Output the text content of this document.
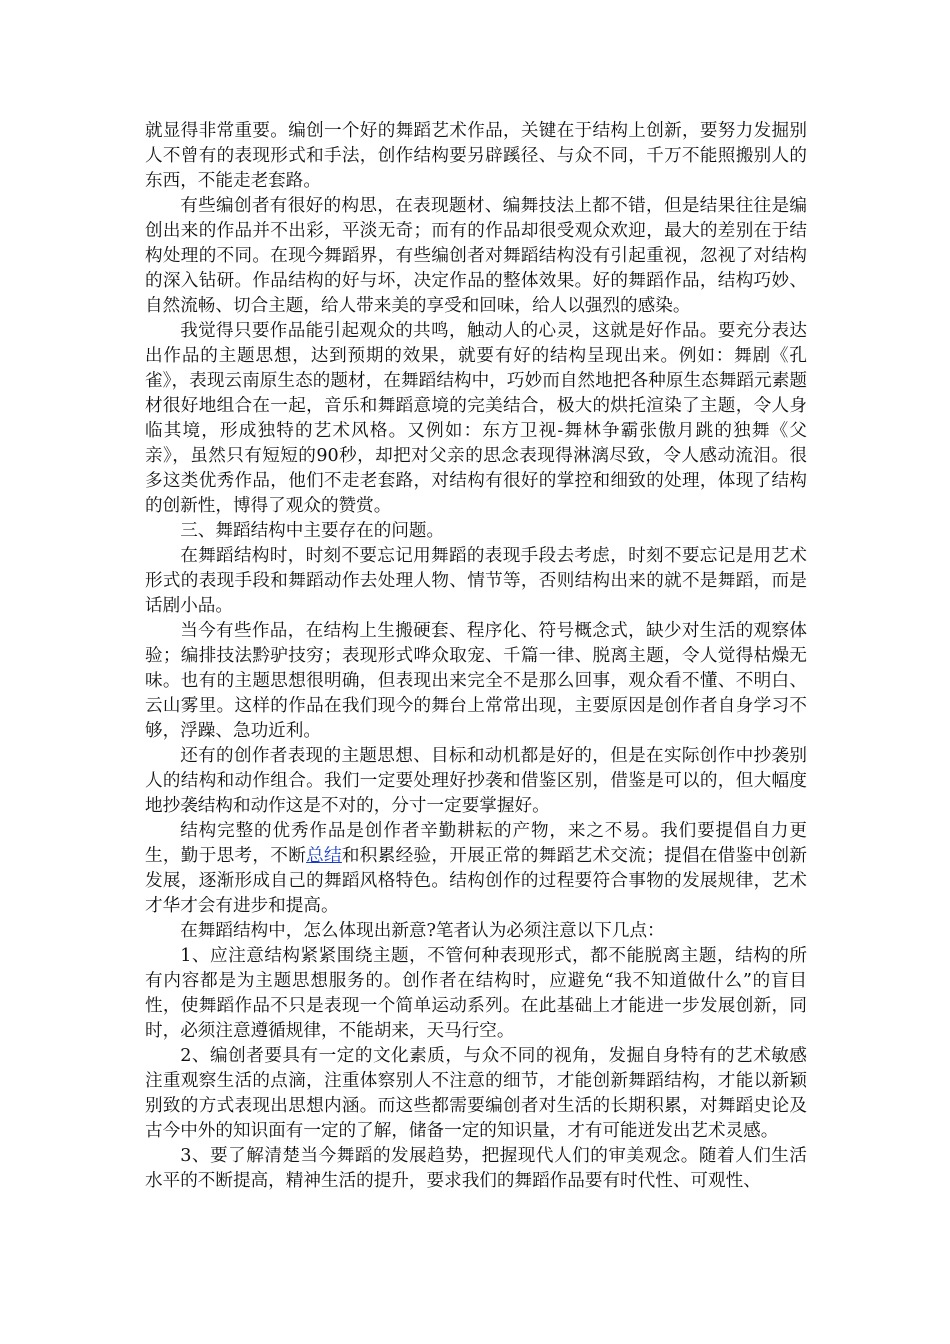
就显得非常重要。编创一个好的舞蹈艺术作品，关键在于结构上创新，要努力发掘别人不曾有的表现形式和手法，创作结构要另辟蹊径、与众不同，千万不能照搬别人的东西，不能走老套路。

有些编创者有很好的构思，在表现题材、编舞技法上都不错，但是结果往往是编创出来的作品并不出彩，平淡无奇；而有的作品却很受观众欢迎，最大的差别在于结构处理的不同。在现今舞蹈界，有些编创者对舞蹈结构没有引起重视，忽视了对结构的深入钻研。作品结构的好与坏，决定作品的整体效果。好的舞蹈作品，结构巧妙、自然流畅、切合主题，给人带来美的享受和回味，给人以强烈的感染。

我觉得只要作品能引起观众的共鸣，触动人的心灵，这就是好作品。要充分表达出作品的主题思想，达到预期的效果，就要有好的结构呈现出来。例如：舞剧《孔雀》，表现云南原生态的题材，在舞蹈结构中，巧妙而自然地把各种原生态舞蹈元素题材很好地组合在一起，音乐和舞蹈意境的完美结合，极大的烘托渲染了主题，令人身临其境，形成独特的艺术风格。又例如：东方卫视-舞林争霸张傲月跳的独舞《父亲》，虽然只有短短的90秒，却把对父亲的思念表现得淋漓尽致，令人感动流泪。很多这类优秀作品，他们不走老套路，对结构有很好的掌控和细致的处理，体现了结构的创新性，博得了观众的赞赏。

三、舞蹈结构中主要存在的问题。

在舞蹈结构时，时刻不要忘记用舞蹈的表现手段去考虑，时刻不要忘记是用艺术形式的表现手段和舞蹈动作去处理人物、情节等，否则结构出来的就不是舞蹈，而是话剧小品。

当今有些作品，在结构上生搬硬套、程序化、符号概念式，缺少对生活的观察体验；编排技法黔驴技穷；表现形式哗众取宠、千篇一律、脱离主题，令人觉得枯燥无味。也有的主题思想很明确，但表现出来完全不是那么回事，观众看不懂、不明白、云山雾里。这样的作品在我们现今的舞台上常常出现，主要原因是创作者自身学习不够，浮躁、急功近利。

还有的创作者表现的主题思想、目标和动机都是好的，但是在实际创作中抄袭别人的结构和动作组合。我们一定要处理好抄袭和借鉴区别，借鉴是可以的，但大幅度地抄袭结构和动作这是不对的，分寸一定要掌握好。

结构完整的优秀作品是创作者辛勤耕耘的产物，来之不易。我们要提倡自力更生，勤于思考，不断总结和积累经验，开展正常的舞蹈艺术交流；提倡在借鉴中创新发展，逐渐形成自己的舞蹈风格特色。结构创作的过程要符合事物的发展规律，艺术才华才会有进步和提高。

在舞蹈结构中，怎么体现出新意?笔者认为必须注意以下几点：

1、应注意结构紧紧围绕主题，不管何种表现形式，都不能脱离主题，结构的所有内容都是为主题思想服务的。创作者在结构时，应避免“我不知道做什么”的盲目性，使舞蹈作品不只是表现一个简单运动系列。在此基础上才能进一步发展创新，同时，必须注意遵循规律，不能胡来，天马行空。

2、编创者要具有一定的文化素质，与众不同的视角，发掘自身特有的艺术敏感注重观察生活的点滴，注重体察别人不注意的细节，才能创新舞蹈结构，才能以新颖别致的方式表现出思想内涵。而这些都需要编创者对生活的长期积累，对舞蹈史论及古今中外的知识面有一定的了解，储备一定的知识量，才有可能迸发出艺术灵感。

3、要了解清楚当今舞蹈的发展趋势，把握现代人们的审美观念。随着人们生活水平的不断提高，精神生活的提升，要求我们的舞蹈作品要有时代性、可观性、
